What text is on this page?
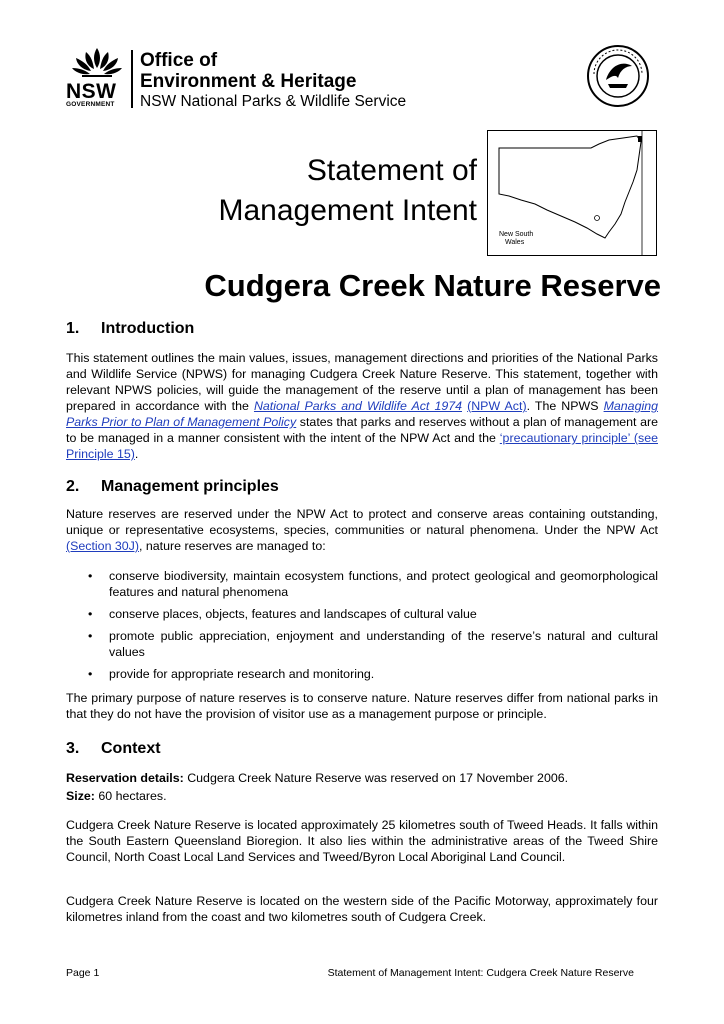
NSW
GOVERNMENT
Office of
Environment & Heritage
NSW National Parks & Wildlife Service
Statement of
Management Intent
New South
Wales
Cudgera Creek Nature Reserve
1. Introduction

This statement outlines the main values, issues, management directions and priorities of the National Parks and Wildlife Service (NPWS) for managing Cudgera Creek Nature Reserve. This statement, together with relevant NPWS policies, will guide the management of the reserve until a plan of management has been prepared in accordance with the National Parks and Wildlife Act 1974 (NPW Act). The NPWS Managing Parks Prior to Plan of Management Policy states that parks and reserves without a plan of management are to be managed in a manner consistent with the intent of the NPW Act and the ‘precautionary principle’ (see Principle 15).

2. Management principles

Nature reserves are reserved under the NPW Act to protect and conserve areas containing outstanding, unique or representative ecosystems, species, communities or natural phenomena. Under the NPW Act (Section 30J), nature reserves are managed to:

• conserve biodiversity, maintain ecosystem functions, and protect geological and geomorphological features and natural phenomena
• conserve places, objects, features and landscapes of cultural value
• promote public appreciation, enjoyment and understanding of the reserve’s natural and cultural values
• provide for appropriate research and monitoring.

The primary purpose of nature reserves is to conserve nature. Nature reserves differ from national parks in that they do not have the provision of visitor use as a management purpose or principle.

3. Context

Reservation details: Cudgera Creek Nature Reserve was reserved on 17 November 2006.

Size: 60 hectares.

Cudgera Creek Nature Reserve is located approximately 25 kilometres south of Tweed Heads. It falls within the South Eastern Queensland Bioregion. It also lies within the administrative areas of the Tweed Shire Council, North Coast Local Land Services and Tweed/Byron Local Aboriginal Land Council.

Cudgera Creek Nature Reserve is located on the western side of the Pacific Motorway, approximately four kilometres inland from the coast and two kilometres south of Cudgera Creek.

Page 1	Statement of Management Intent: Cudgera Creek Nature Reserve
